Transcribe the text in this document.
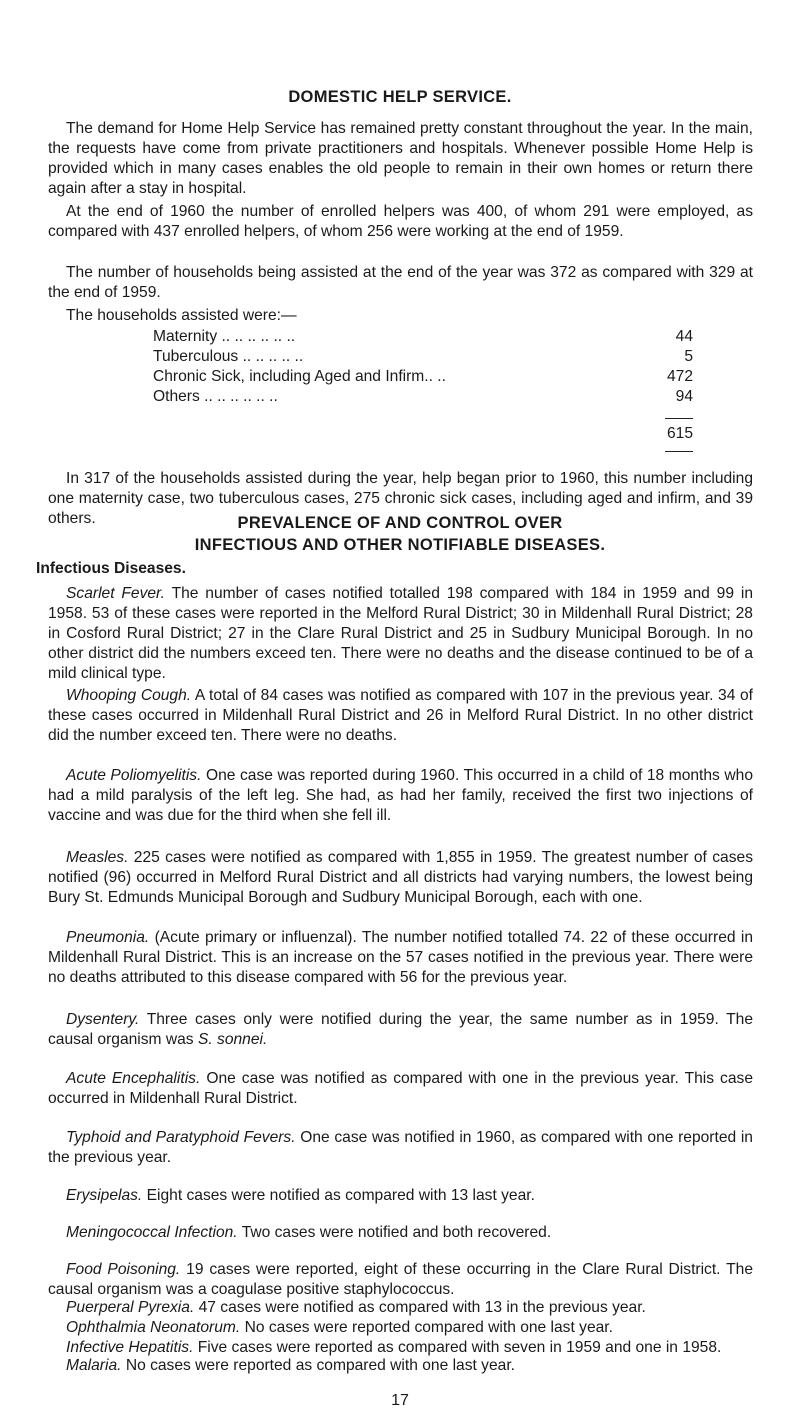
DOMESTIC HELP SERVICE.

The demand for Home Help Service has remained pretty constant throughout the year. In the main, the requests have come from private practitioners and hospitals. Whenever possible Home Help is provided which in many cases enables the old people to remain in their own homes or return there again after a stay in hospital.

At the end of 1960 the number of enrolled helpers was 400, of whom 291 were employed, as compared with 437 enrolled helpers, of whom 256 were working at the end of 1959.

The number of households being assisted at the end of the year was 372 as compared with 329 at the end of 1959.

The households assisted were:—
Maternity .. .. .. .. .. ..	44
Tuberculous .. .. .. .. ..	5
Chronic Sick, including Aged and Infirm.. ..	472
Others .. .. .. .. .. ..	94
615

In 317 of the households assisted during the year, help began prior to 1960, this number including one maternity case, two tuberculous cases, 275 chronic sick cases, including aged and infirm, and 39 others.	PREVALENCE OF AND CONTROL OVER
INFECTIOUS AND OTHER NOTIFIABLE DISEASES.
Infectious Diseases.

Scarlet Fever. The number of cases notified totalled 198 compared with 184 in 1959 and 99 in 1958. 53 of these cases were reported in the Melford Rural District; 30 in Mildenhall Rural District; 28 in Cosford Rural District; 27 in the Clare Rural District and 25 in Sudbury Municipal Borough. In no other district did the numbers exceed ten. There were no deaths and the disease continued to be of a mild clinical type.

Whooping Cough. A total of 84 cases was notified as compared with 107 in the previous year. 34 of these cases occurred in Mildenhall Rural District and 26 in Melford Rural District. In no other district did the number exceed ten. There were no deaths.

Acute Poliomyelitis. One case was reported during 1960. This occurred in a child of 18 months who had a mild paralysis of the left leg. She had, as had her family, received the first two injections of vaccine and was due for the third when she fell ill.

Measles. 225 cases were notified as compared with 1,855 in 1959. The greatest number of cases notified (96) occurred in Melford Rural District and all districts had varying numbers, the lowest being Bury St. Edmunds Municipal Borough and Sudbury Municipal Borough, each with one.

Pneumonia. (Acute primary or influenzal). The number notified totalled 74. 22 of these occurred in Mildenhall Rural District. This is an increase on the 57 cases notified in the previous year. There were no deaths attributed to this disease compared with 56 for the previous year.

Dysentery. Three cases only were notified during the year, the same number as in 1959. The causal organism was S. sonnei.

Acute Encephalitis. One case was notified as compared with one in the previous year. This case occurred in Mildenhall Rural District.

Typhoid and Paratyphoid Fevers. One case was notified in 1960, as compared with one reported in the previous year.

Erysipelas. Eight cases were notified as compared with 13 last year.

Meningococcal Infection. Two cases were notified and both recovered.

Food Poisoning. 19 cases were reported, eight of these occurring in the Clare Rural District. The causal organism was a coagulase positive staphylococcus.

Puerperal Pyrexia. 47 cases were notified as compared with 13 in the previous year.

Ophthalmia Neonatorum. No cases were reported compared with one last year.

Infective Hepatitis. Five cases were reported as compared with seven in 1959 and one in 1958.

Malaria. No cases were reported as compared with one last year.

17
